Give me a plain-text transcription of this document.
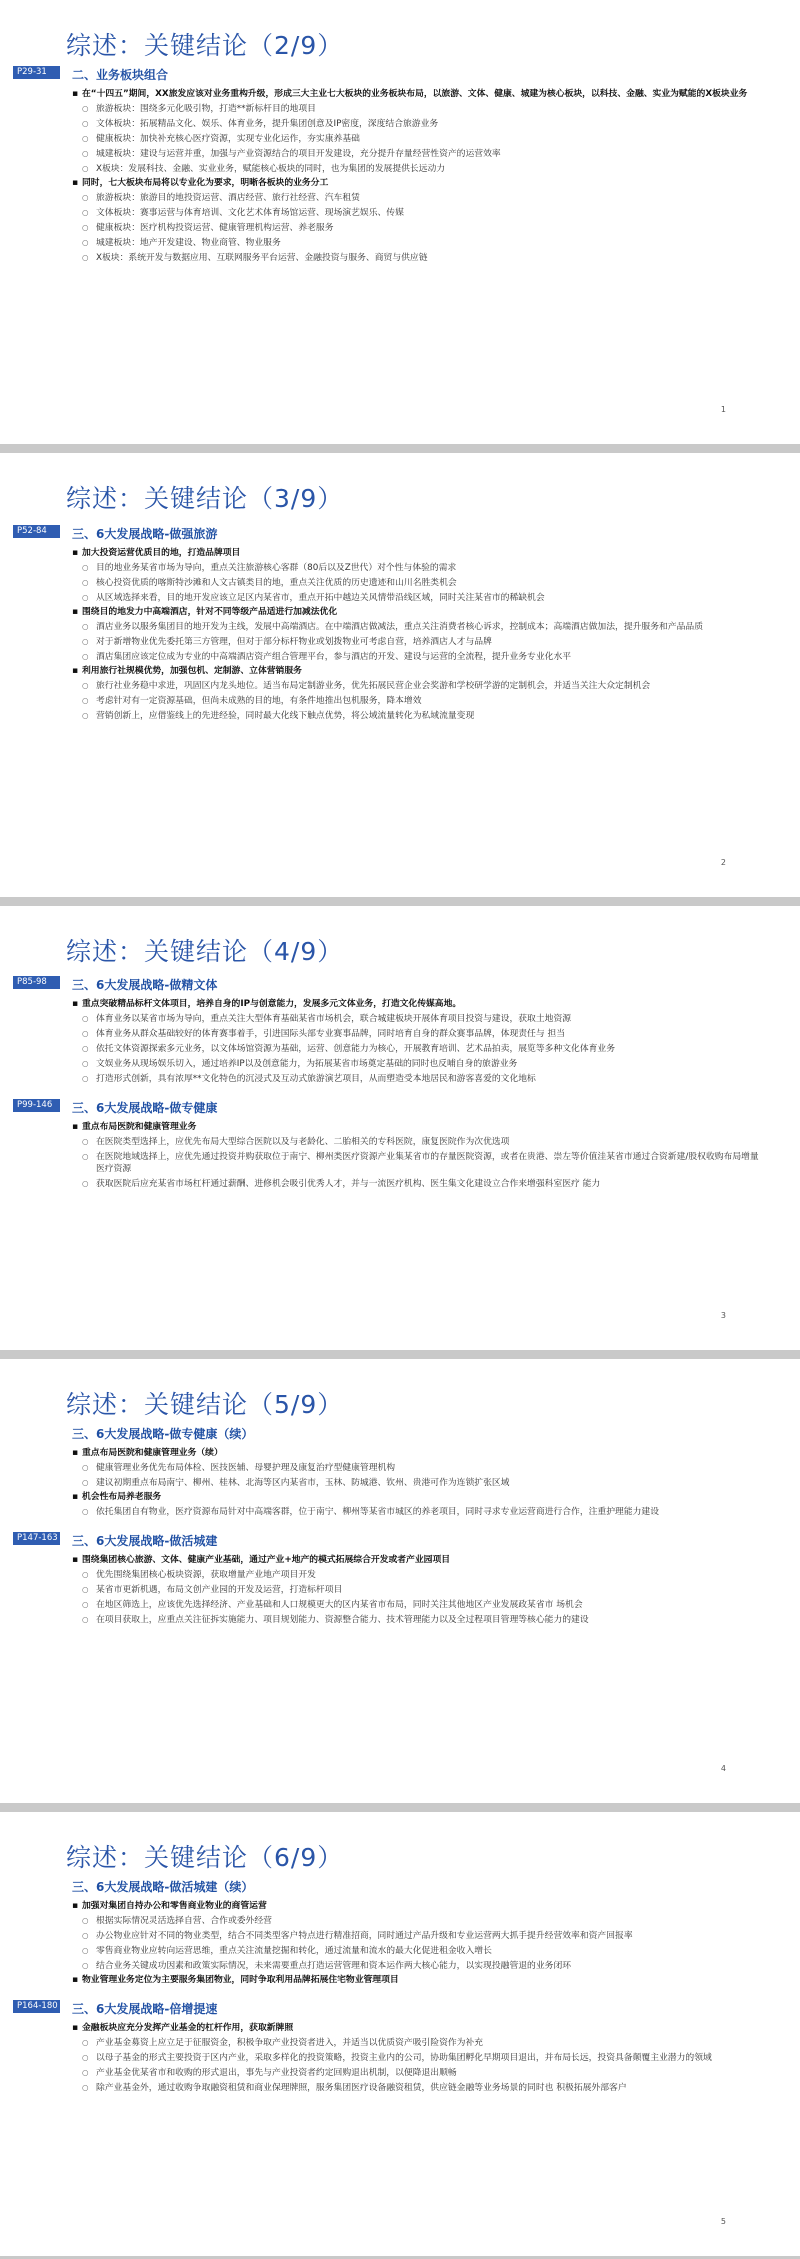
综述：关键结论（2/9）
P29-31	二、业务板块组合
▪ 在“十四五”期间，XX旅发应该对业务重构升级，形成三大主业七大板块的业务板块布局，以旅游、文体、健康、城建为核心板块，以科技、金融、实业为赋能的X板块业务
○ 旅游板块：围绕多元化吸引物，打造**新标杆目的地项目
○ 文体板块：拓展精品文化、娱乐、体育业务，提升集团创意及IP密度，深度结合旅游业务
○ 健康板块：加快补充核心医疗资源，实现专业化运作，夯实康养基础
○ 城建板块：建设与运营并重，加强与产业资源结合的项目开发建设，充分提升存量经营性资产的运营效率
○ X板块：发展科技、金融、实业业务，赋能核心板块的同时，也为集团的发展提供长远动力
▪ 同时，七大板块布局将以专业化为要求，明晰各板块的业务分工
○ 旅游板块：旅游目的地投资运营、酒店经营、旅行社经营、汽车租赁
○ 文体板块：赛事运营与体育培训、文化艺术体育场馆运营、现场演艺娱乐、传媒
○ 健康板块：医疗机构投资运营、健康管理机构运营、养老服务
○ 城建板块：地产开发建设、物业商管、物业服务
○ X板块：系统开发与数据应用、互联网服务平台运营、金融投资与服务、商贸与供应链
1
综述：关键结论（3/9）
P52-84	三、6大发展战略-做强旅游
▪ 加大投资运营优质目的地，打造品牌项目
○ 目的地业务某省市场为导向，重点关注旅游核心客群（80后以及Z世代）对个性与体验的需求
○ 核心投资优质的喀斯特沙滩和人文古镇类目的地，重点关注优质的历史遗迹和山川名胜类机会
○ 从区域选择来看，目的地开发应该立足区内某省市，重点开拓中越边关风情带沿线区域，同时关注某省市的稀缺机会
▪ 围绕目的地发力中高端酒店，针对不同等级产品适进行加减法优化
○ 酒店业务以服务集团目的地开发为主线，发展中高端酒店。在中端酒店做减法，重点关注消费者核心诉求，控制成本；高端酒店做加法，提升服务和产品品质
○ 对于新增物业优先委托第三方管理，但对于部分标杆物业或划拨物业可考虑自营，培养酒店人才与品牌
○ 酒店集团应该定位成为专业的中高端酒店资产组合管理平台，参与酒店的开发、建设与运营的全流程，提升业务专业化水平
▪ 利用旅行社规模优势，加强包机、定制游、立体营销服务
○ 旅行社业务稳中求进，巩固区内龙头地位。适当布局定制游业务，优先拓展民营企业会奖游和学校研学游的定制机会，并适当关注大众定制机会
○ 考虑针对有一定资源基础，但尚未成熟的目的地，有条件地推出包机服务，降本增效
○ 营销创新上，应借鉴线上的先进经验，同时最大化线下触点优势，将公域流量转化为私域流量变现
2
综述：关键结论（4/9）
P85-98	三、6大发展战略-做精文体
▪ 重点突破精品标杆文体项目，培养自身的IP与创意能力，发展多元文体业务，打造文化传媒高地。
○ 体育业务以某省市场为导向，重点关注大型体育基础某省市场机会，联合城建板块开展体育项目投资与建设，获取土地资源
○ 体育业务从群众基础较好的体育赛事着手，引进国际头部专业赛事品牌，同时培育自身的群众赛事品牌，体现责任与 担当
○ 依托文体资源探索多元业务，以文体场馆资源为基础，运营、创意能力为核心，开展教育培训、艺术品拍卖，展览等多种文化体育业务
○ 文娱业务从现场娱乐切入，通过培养IP以及创意能力，为拓展某省市场奠定基础的同时也反哺自身的旅游业务
○ 打造形式创新，具有浓厚**文化特色的沉浸式及互动式旅游演艺项目，从而塑造受本地居民和游客喜爱的文化地标
P99-146	三、6大发展战略-做专健康
▪ 重点布局医院和健康管理业务
○ 在医院类型选择上，应优先布局大型综合医院以及与老龄化、二胎相关的专科医院，康复医院作为次优选项
○ 在医院地域选择上，应优先通过投资并购获取位于南宁、柳州类医疗资源产业集某省市的存量医院资源，或者在贵港、崇左等价值洼某省市通过合资新建/股权收购布局增量医疗资源
○ 获取医院后应充某省市场杠杆通过薪酬、进修机会吸引优秀人才，并与一流医疗机构、医生集文化建设立合作来增强科室医疗 能力
3
综述：关键结论（5/9）
三、6大发展战略-做专健康（续）
▪ 重点布局医院和健康管理业务（续）
○ 健康管理业务优先布局体检、医技医辅、母婴护理及康复治疗型健康管理机构
○ 建议初期重点布局南宁、柳州、桂林、北海等区内某省市，玉林、防城港、钦州、贵港可作为连锁扩张区域
▪ 机会性布局养老服务
○ 依托集团自有物业，医疗资源布局针对中高端客群，位于南宁、柳州等某省市城区的养老项目，同时寻求专业运营商进行合作，注重护理能力建设
P147-163 三、6大发展战略-做活城建
▪ 围绕集团核心旅游、文体、健康产业基础，通过产业+地产的模式拓展综合开发或者产业园项目
○ 优先围绕集团核心板块资源，获取增量产业地产项目开发
○ 某省市更新机遇，布局文创产业园的开发及运营，打造标杆项目
○ 在地区筛选上，应该优先选择经济、产业基础和人口规模更大的区内某省市布局，同时关注其他地区产业发展政某省市 场机会
○ 在项目获取上，应重点关注征拆实施能力、项目规划能力、资源整合能力、技术管理能力以及全过程项目管理等核心能力的建设
4
综述：关键结论（6/9）
三、6大发展战略-做活城建（续）
▪ 加强对集团自持办公和零售商业物业的商管运营
○ 根据实际情况灵活选择自营、合作或委外经营
○ 办公物业应针对不同的物业类型，结合不同类型客户特点进行精准招商，同时通过产品升级和专业运营两大抓手提升经营效率和资产回报率
○ 零售商业物业应转向运营思维，重点关注流量挖掘和转化，通过流量和流水的最大化促进租金收入增长
○ 结合业务关键成功因素和政策实际情况，未来需要重点打造运营管理和资本运作两大核心能力，以实现投融管退的业务闭环
▪ 物业管理业务定位为主要服务集团物业，同时争取利用品牌拓展住宅物业管理项目
P164-180 三、6大发展战略-倍增提速
▪ 金融板块应充分发挥产业基金的杠杆作用，获取新牌照
○ 产业基金募资上应立足于征服资金，积极争取产业投资者进入，并适当以优质资产吸引险资作为补充
○ 以母子基金的形式主要投资于区内产业，采取多样化的投资策略，投资主业内的公司，协助集团孵化早期项目退出，并布局长远，投资具备颠覆主业潜力的领域
○ 产业基金优某省市和收购的形式退出，事先与产业投资者约定回购退出机制，以便降退出顺畅
○ 除产业基金外，通过收购争取融资租赁和商业保理牌照，服务集团医疗设备融资租赁，供应链金融等业务场景的同时也 积极拓展外部客户
5
